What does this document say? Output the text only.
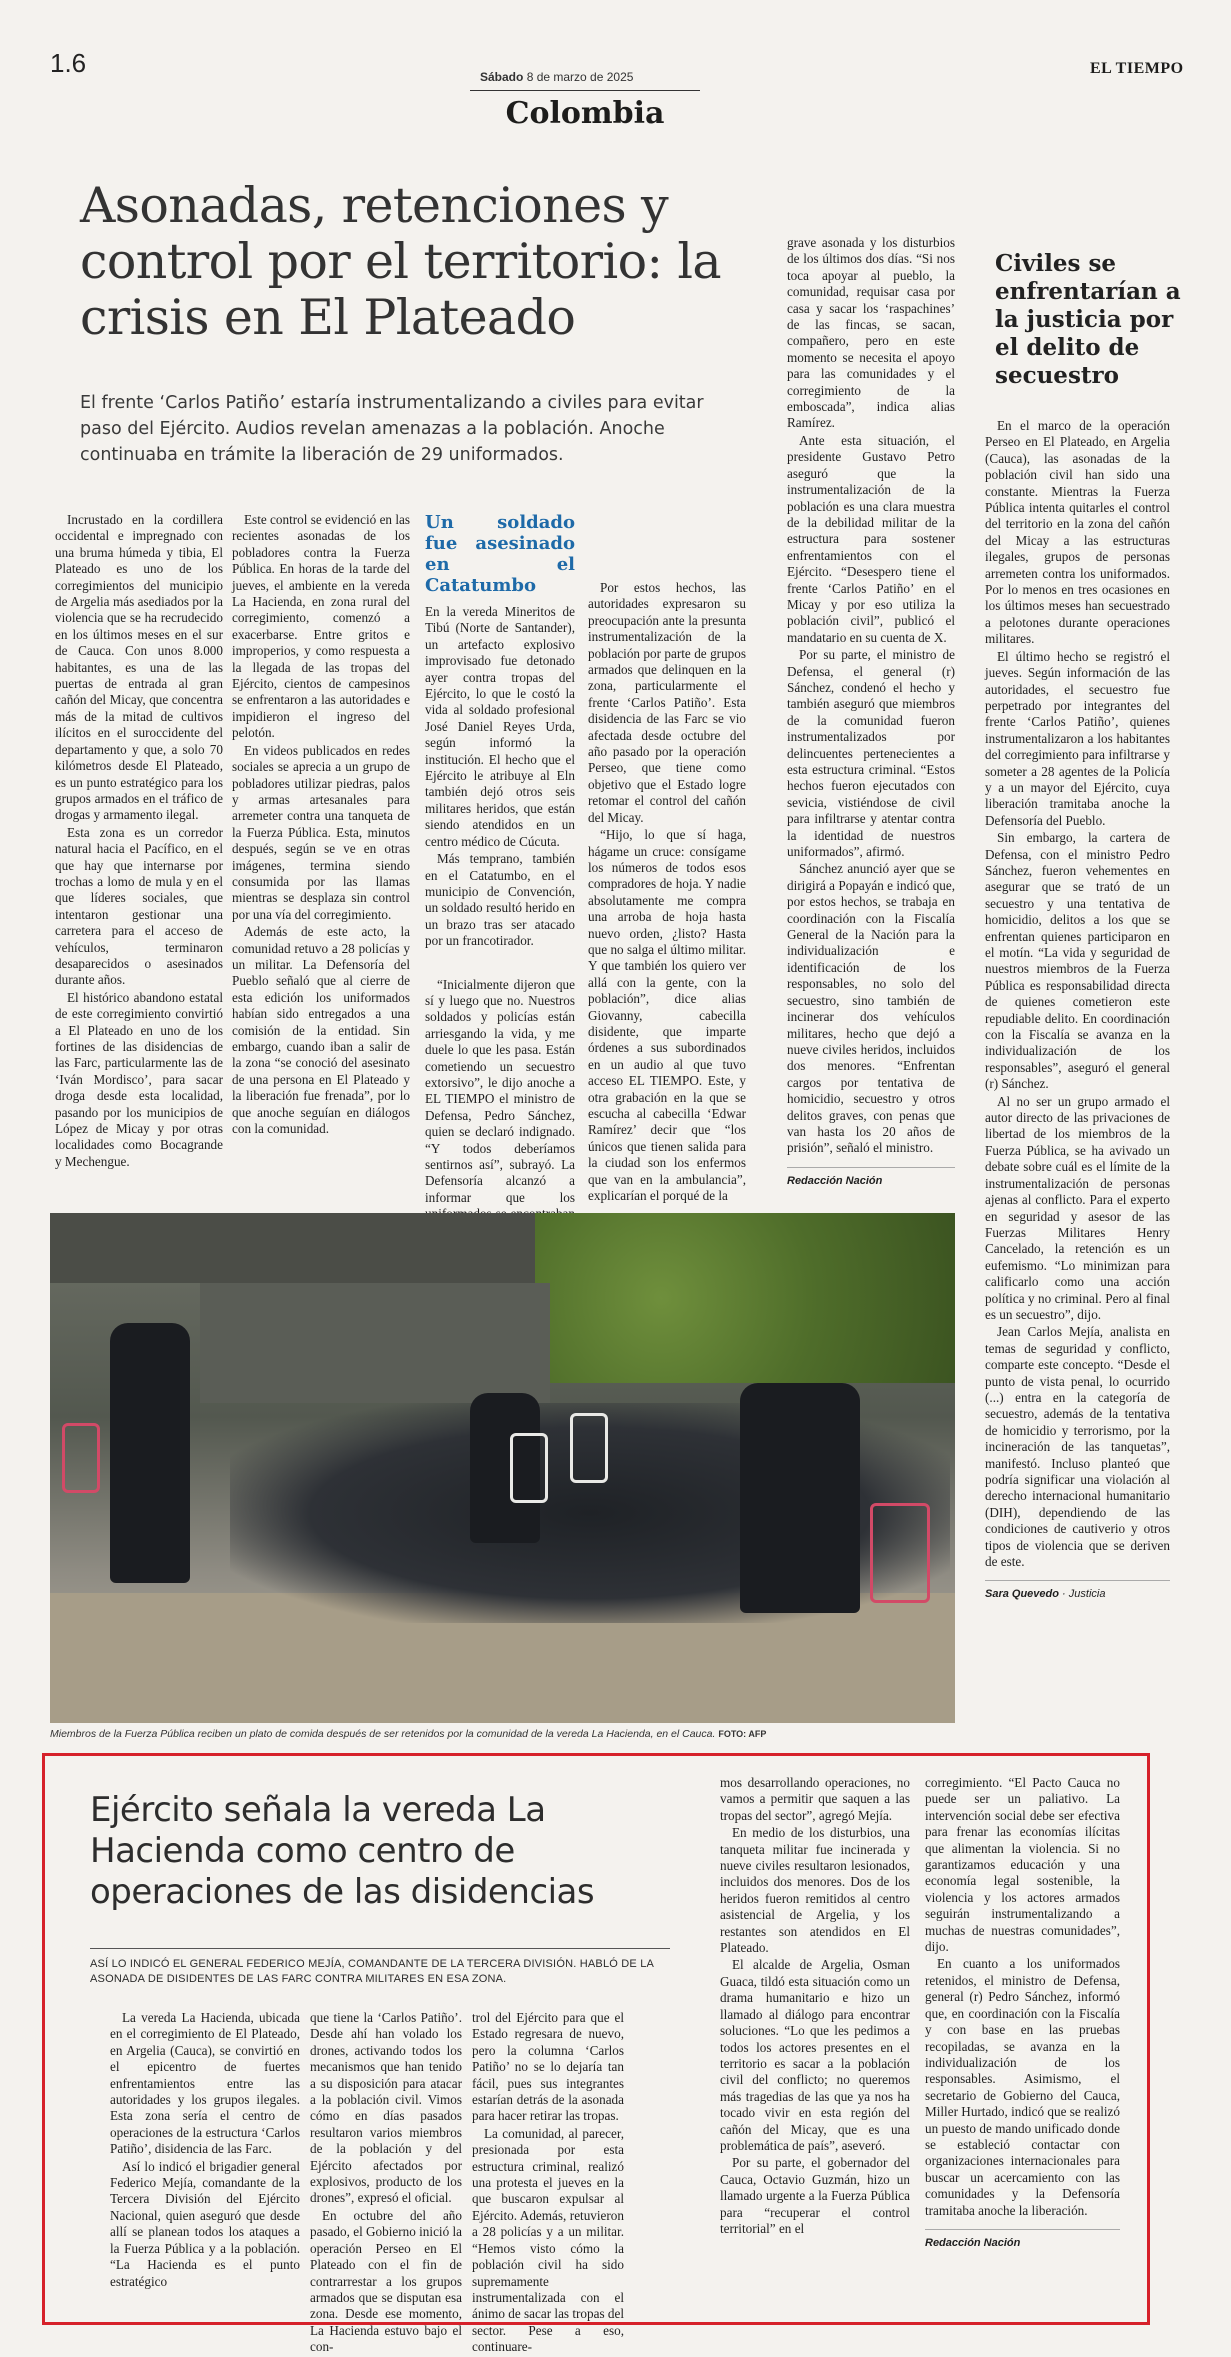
1.6	Sábado 8 de marzo de 2025	EL TIEMPO
Colombia
Asonadas, retenciones y control por el territorio: la crisis en El Plateado
El frente ‘Carlos Patiño’ estaría instrumentalizando a civiles para evitar paso del Ejército. Audios revelan amenazas a la población. Anoche continuaba en trámite la liberación de 29 uniformados.

Incrustado en la cordillera occidental e impregnado con una bruma húmeda y tibia, El Plateado es uno de los corregimientos del municipio de Argelia más asediados por la violencia que se ha recrudecido en los últimos meses en el sur de Cauca. Con unos 8.000 habitantes, es una de las puertas de entrada al gran cañón del Micay, que concentra más de la mitad de cultivos ilícitos en el suroccidente del departamento y que, a solo 70 kilómetros desde El Plateado, es un punto estratégico para los grupos armados en el tráfico de drogas y armamento ilegal.

Esta zona es un corredor natural hacia el Pacífico, en el que hay que internarse por trochas a lomo de mula y en el que líderes sociales, que intentaron gestionar una carretera para el acceso de vehículos, terminaron desaparecidos o asesinados durante años.

El histórico abandono estatal de este corregimiento convirtió a El Plateado en uno de los fortines de las disidencias de las Farc, particularmente las de ‘Iván Mordisco’, para sacar droga desde esta localidad, pasando por los municipios de López de Micay y por otras localidades como Bocagrande y Mechengue.

Este control se evidenció en las recientes asonadas de los pobladores contra la Fuerza Pública. En horas de la tarde del jueves, el ambiente en la vereda La Hacienda, en zona rural del corregimiento, comenzó a exacerbarse. Entre gritos e improperios, y como respuesta a la llegada de las tropas del Ejército, cientos de campesinos se enfrentaron a las autoridades e impidieron el ingreso del pelotón.

En videos publicados en redes sociales se aprecia a un grupo de pobladores utilizar piedras, palos y armas artesanales para arremeter contra una tanqueta de la Fuerza Pública. Esta, minutos después, según se ve en otras imágenes, termina siendo consumida por las llamas mientras se desplaza sin control por una vía del corregimiento.

Además de este acto, la comunidad retuvo a 28 policías y un militar. La Defensoría del Pueblo señaló que al cierre de esta edición los uniformados habían sido entregados a una comisión de la entidad. Sin embargo, cuando iban a salir de la zona “se conoció del asesinato de una persona en El Plateado y la liberación fue frenada”, por lo que anoche seguían en diálogos con la comunidad.

Un soldado fue asesinado en el Catatumbo

En la vereda Mineritos de Tibú (Norte de Santander), un artefacto explosivo improvisado fue detonado ayer contra tropas del Ejército, lo que le costó la vida al soldado profesional José Daniel Reyes Urda, según informó la institución. El hecho que el Ejército le atribuye al Eln también dejó otros seis militares heridos, que están siendo atendidos en un centro médico de Cúcuta.

Más temprano, también en el Catatumbo, en el municipio de Convención, un soldado resultó herido en un brazo tras ser atacado por un francotirador.

“Inicialmente dijeron que sí y luego que no. Nuestros soldados y policías están arriesgando la vida, y me duele lo que les pasa. Están cometiendo un secuestro extorsivo”, le dijo anoche a EL TIEMPO el ministro de Defensa, Pedro Sánchez, quien se declaró indignado. “Y todos deberíamos sentirnos así”, subrayó. La Defensoría alcanzó a informar que los

Por estos hechos, las autoridades expresaron su preocupación ante la presunta instrumentalización de la población por parte de grupos armados que delinquen en la zona, particularmente el frente ‘Carlos Patiño’. Esta disidencia de las Farc se vio afectada desde octubre del año pasado por la operación Perseo, que tiene como objetivo que el Estado logre retomar el control del cañón del Micay.

“Hijo, lo que sí haga, hágame un cruce: consígame los números de todos esos compradores de hoja. Y nadie absolutamente me compra una arroba de hoja hasta nuevo orden, ¿listo? Hasta que no salga el último militar. Y que también los quiero ver allá con la gente, con la población”, dice alias Giovanny, cabecilla disidente, que imparte órdenes a sus subordinados en un audio al que tuvo acceso EL TIEMPO. Este, y otra grabación en la que se escucha al cabecilla ‘Edwar Ramírez’ decir que “los únicos que tienen salida para la ciudad son los enfermos que van en la ambulancia”, explicarían el porqué de la

grave asonada y los disturbios de los últimos dos días. “Si nos toca apoyar al pueblo, la comunidad, requisar casa por casa y sacar los ‘raspachines’ de las fincas, se sacan, compañero, pero en este momento se necesita el apoyo para las comunidades y el corregimiento de la emboscada”, indica alias Ramírez.

Ante esta situación, el presidente Gustavo Petro aseguró que la instrumentalización de la población es una clara muestra de la debilidad militar de la estructura para sostener enfrentamientos con el Ejército. “Desespero tiene el frente ‘Carlos Patiño’ en el Micay y por eso utiliza la población civil”, publicó el mandatario en su cuenta de X.

Por su parte, el ministro de Defensa, el general (r) Sánchez, condenó el hecho y también aseguró que miembros de la comunidad fueron instrumentalizados por delincuentes pertenecientes a esta estructura criminal. “Estos hechos fueron ejecutados con sevicia, vistiéndose de civil para infiltrarse y atentar contra la identidad de nuestros uniformados”, afirmó.

Sánchez anunció ayer que se dirigirá a Popayán e indicó que, por estos hechos, se trabaja en coordinación con la Fiscalía General de la Nación para la individualización e identificación de los responsables, no solo del secuestro, sino también de incinerar dos vehículos militares, hecho que dejó a nueve civiles heridos, incluidos dos menores. “Enfrentan cargos por tentativa de homicidio, secuestro y otros delitos graves, con penas que van hasta los 20 años de prisión”, señaló el ministro.

Redacción Nación

Civiles se enfrentarían a la justicia por el delito de secuestro

En el marco de la operación Perseo en El Plateado, en Argelia (Cauca), las asonadas de la población civil han sido una constante. Mientras la Fuerza Pública intenta quitarles el control del territorio en la zona del cañón del Micay a las estructuras ilegales, grupos de personas arremeten contra los uniformados. Por lo menos en tres ocasiones en los últimos meses han secuestrado a pelotones durante operaciones militares.

El último hecho se registró el jueves. Según información de las autoridades, el secuestro fue perpetrado por integrantes del frente ‘Carlos Patiño’, quienes instrumentalizaron a los habitantes del corregimiento para infiltrarse y someter a 28 agentes de la Policía y a un mayor del Ejército, cuya liberación tramitaba anoche la Defensoría del Pueblo.

Sin embargo, la cartera de Defensa, con el ministro Pedro Sánchez, fueron vehementes en asegurar que se trató de un secuestro y una tentativa de homicidio, delitos a los que se enfrentan quienes participaron en el motín. “La vida y seguridad de nuestros miembros de la Fuerza Pública es responsabilidad directa de quienes cometieron este repudiable delito. En coordinación con la Fiscalía se avanza en la individualización de los responsables”, aseguró el general (r) Sánchez.

Al no ser un grupo armado el autor directo de las privaciones de libertad de los miembros de la Fuerza Pública, se ha avivado un debate sobre cuál es el límite de la instrumentalización de personas ajenas al conflicto. Para el experto en seguridad y asesor de las Fuerzas Militares Henry Cancelado, la retención es un eufemismo. “Lo minimizan para calificarlo como una acción política y no criminal. Pero al final es un secuestro”, dijo.

Jean Carlos Mejía, analista en temas de seguridad y conflicto, comparte este concepto. “Desde el punto de vista penal, lo ocurrido (...) entra en la categoría de secuestro, además de la tentativa de homicidio y terrorismo, por la incineración de las tanquetas”, manifestó. Incluso planteó que podría significar una violación al derecho internacional humanitario (DIH), dependiendo de las condiciones de cautiverio y otros tipos de violencia que se deriven de este.

Sara Quevedo · Justicia

Miembros de la Fuerza Pública reciben un plato de comida después de ser retenidos por la comunidad de la vereda La Hacienda, en el Cauca. FOTO: AFP
Ejército señala la vereda La Hacienda como centro de operaciones de las disidencias
ASÍ LO INDICÓ EL GENERAL FEDERICO MEJÍA, COMANDANTE DE LA TERCERA DIVISIÓN. HABLÓ DE LA ASONADA DE DISIDENTES DE LAS FARC CONTRA MILITARES EN ESA ZONA.

La vereda La Hacienda, ubicada en el corregimiento de El Plateado, en Argelia (Cauca), se convirtió en el epicentro de fuertes enfrentamientos entre las autoridades y los grupos ilegales. Esta zona sería el centro de operaciones de la estructura ‘Carlos Patiño’, disidencia de las Farc.

Así lo indicó el brigadier general Federico Mejía, comandante de la Tercera División del Ejército Nacional, quien aseguró que desde allí se planean todos los ataques a la Fuerza Pública y a la población. “La Hacienda es el punto estratégico

que tiene la ‘Carlos Patiño’. Desde ahí han volado los drones, activando todos los mecanismos que han tenido a su disposición para atacar a la población civil. Vimos cómo en días pasados resultaron varios miembros de la población y del Ejército afectados por explosivos, producto de los drones”, expresó el oficial.

En octubre del año pasado, el Gobierno inició la operación Perseo en El Plateado con el fin de contrarrestar a los grupos armados que se disputan esa zona. Desde ese momento, La Hacienda estuvo bajo el con-

trol del Ejército para que el Estado regresara de nuevo, pero la columna ‘Carlos Patiño’ no se lo dejaría tan fácil, pues sus integrantes estarían detrás de la asonada para hacer retirar las tropas.

La comunidad, al parecer, presionada por esta estructura criminal, realizó una protesta el jueves en la que buscaron expulsar al Ejército. Además, retuvieron a 28 policías y a un militar. “Hemos visto cómo la población civil ha sido supremamente instrumentalizada con el ánimo de sacar las tropas del sector. Pese a eso, continuare-

mos desarrollando operaciones, no vamos a permitir que saquen a las tropas del sector”, agregó Mejía.

En medio de los disturbios, una tanqueta militar fue incinerada y nueve civiles resultaron lesionados, incluidos dos menores. Dos de los heridos fueron remitidos al centro asistencial de Argelia, y los restantes son atendidos en El Plateado.

El alcalde de Argelia, Osman Guaca, tildó esta situación como un drama humanitario e hizo un llamado al diálogo para encontrar soluciones. “Lo que les pedimos a todos los actores presentes en el territorio es sacar a la población civil del conflicto; no queremos más tragedias de las que ya nos ha tocado vivir en esta región del cañón del Micay, que es una problemática de país”, aseveró.

Por su parte, el gobernador del Cauca, Octavio Guzmán, hizo un llamado urgente a la Fuerza Pública para “recuperar el control territorial” en el

corregimiento. “El Pacto Cauca no puede ser un paliativo. La intervención social debe ser efectiva para frenar las economías ilícitas que alimentan la violencia. Si no garantizamos educación y una economía legal sostenible, la violencia y los actores armados seguirán instrumentalizando a muchas de nuestras comunidades”, dijo.

En cuanto a los uniformados retenidos, el ministro de Defensa, general (r) Pedro Sánchez, informó que, en coordinación con la Fiscalía y con base en las pruebas recopiladas, se avanza en la individualización de los responsables. Asimismo, el secretario de Gobierno del Cauca, Miller Hurtado, indicó que se realizó un puesto de mando unificado donde se estableció contactar con organizaciones internacionales para buscar un acercamiento con las comunidades y la Defensoría tramitaba anoche la liberación.

Redacción Nación
